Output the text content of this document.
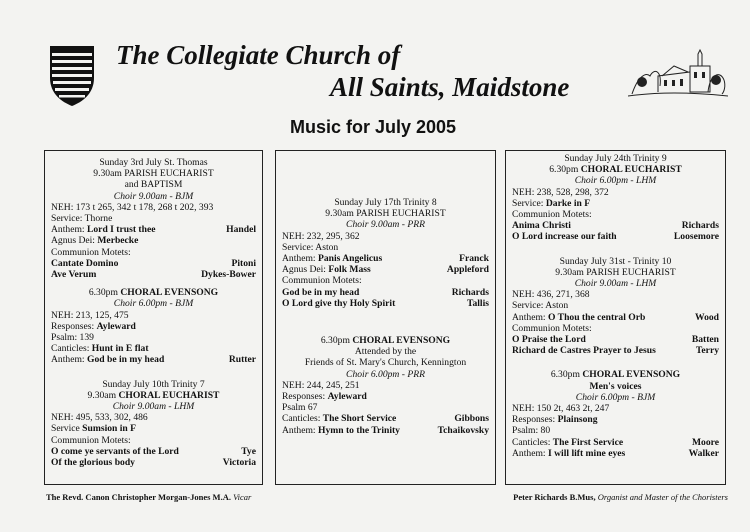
The Collegiate Church of
All Saints, Maidstone
Music for July 2005
Sunday 3rd July St. Thomas
9.30am PARISH EUCHARIST
and BAPTISM
Choir 9.00am - BJM
NEH: 173 t 265, 342 t 178, 268 t 202, 393
Service: Thorne
Anthem: Lord I trust thee	Handel
Agnus Dei: Merbecke
Communion Motets:
Cantate Domino	Pitoni
Ave Verum	Dykes-Bower
6.30pm CHORAL EVENSONG
Choir 6.00pm - BJM
NEH: 213, 125, 475
Responses: Ayleward
Psalm: 139
Canticles: Hunt in E flat
Anthem: God be in my head	Rutter
Sunday July 10th Trinity 7
9.30am CHORAL EUCHARIST
Choir 9.00am - LHM
NEH: 495, 533, 302, 486
Service Sumsion in F
Communion Motets:
O come ye servants of the Lord	Tye
Of the glorious body	Victoria
Sunday July 17th Trinity 8
9.30am PARISH EUCHARIST
Choir 9.00am - PRR
NEH: 232, 295, 362
Service: Aston
Anthem: Panis Angelicus	Franck
Agnus Dei: Folk Mass	Appleford
Communion Motets:
God be in my head	Richards
O Lord give thy Holy Spirit	Tallis
6.30pm CHORAL EVENSONG
Attended by the
Friends of St. Mary's Church, Kennington
Choir 6.00pm - PRR
NEH: 244, 245, 251
Responses: Ayleward
Psalm 67
Canticles: The Short Service	Gibbons
Anthem: Hymn to the Trinity	Tchaikovsky
Sunday July 24th Trinity 9
6.30pm CHORAL EUCHARIST
Choir 6.00pm - LHM
NEH: 238, 528, 298, 372
Service: Darke in F
Communion Motets:
Anima Christi	Richards
O Lord increase our faith	Loosemore
Sunday July 31st - Trinity 10
9.30am PARISH EUCHARIST
Choir 9.00am - LHM
NEH: 436, 271, 368
Service: Aston
Anthem: O Thou the central Orb	Wood
Communion Motets:
O Praise the Lord	Batten
Richard de Castres Prayer to Jesus	Terry
6.30pm CHORAL EVENSONG
Men's voices
Choir 6.00pm - BJM
NEH: 150 2t, 463 2t, 247
Responses: Plainsong
Psalm: 80
Canticles: The First Service	Moore
Anthem: I will lift mine eyes	Walker
The Revd. Canon Christopher Morgan-Jones M.A. Vicar	Peter Richards B.Mus, Organist and Master of the Choristers
